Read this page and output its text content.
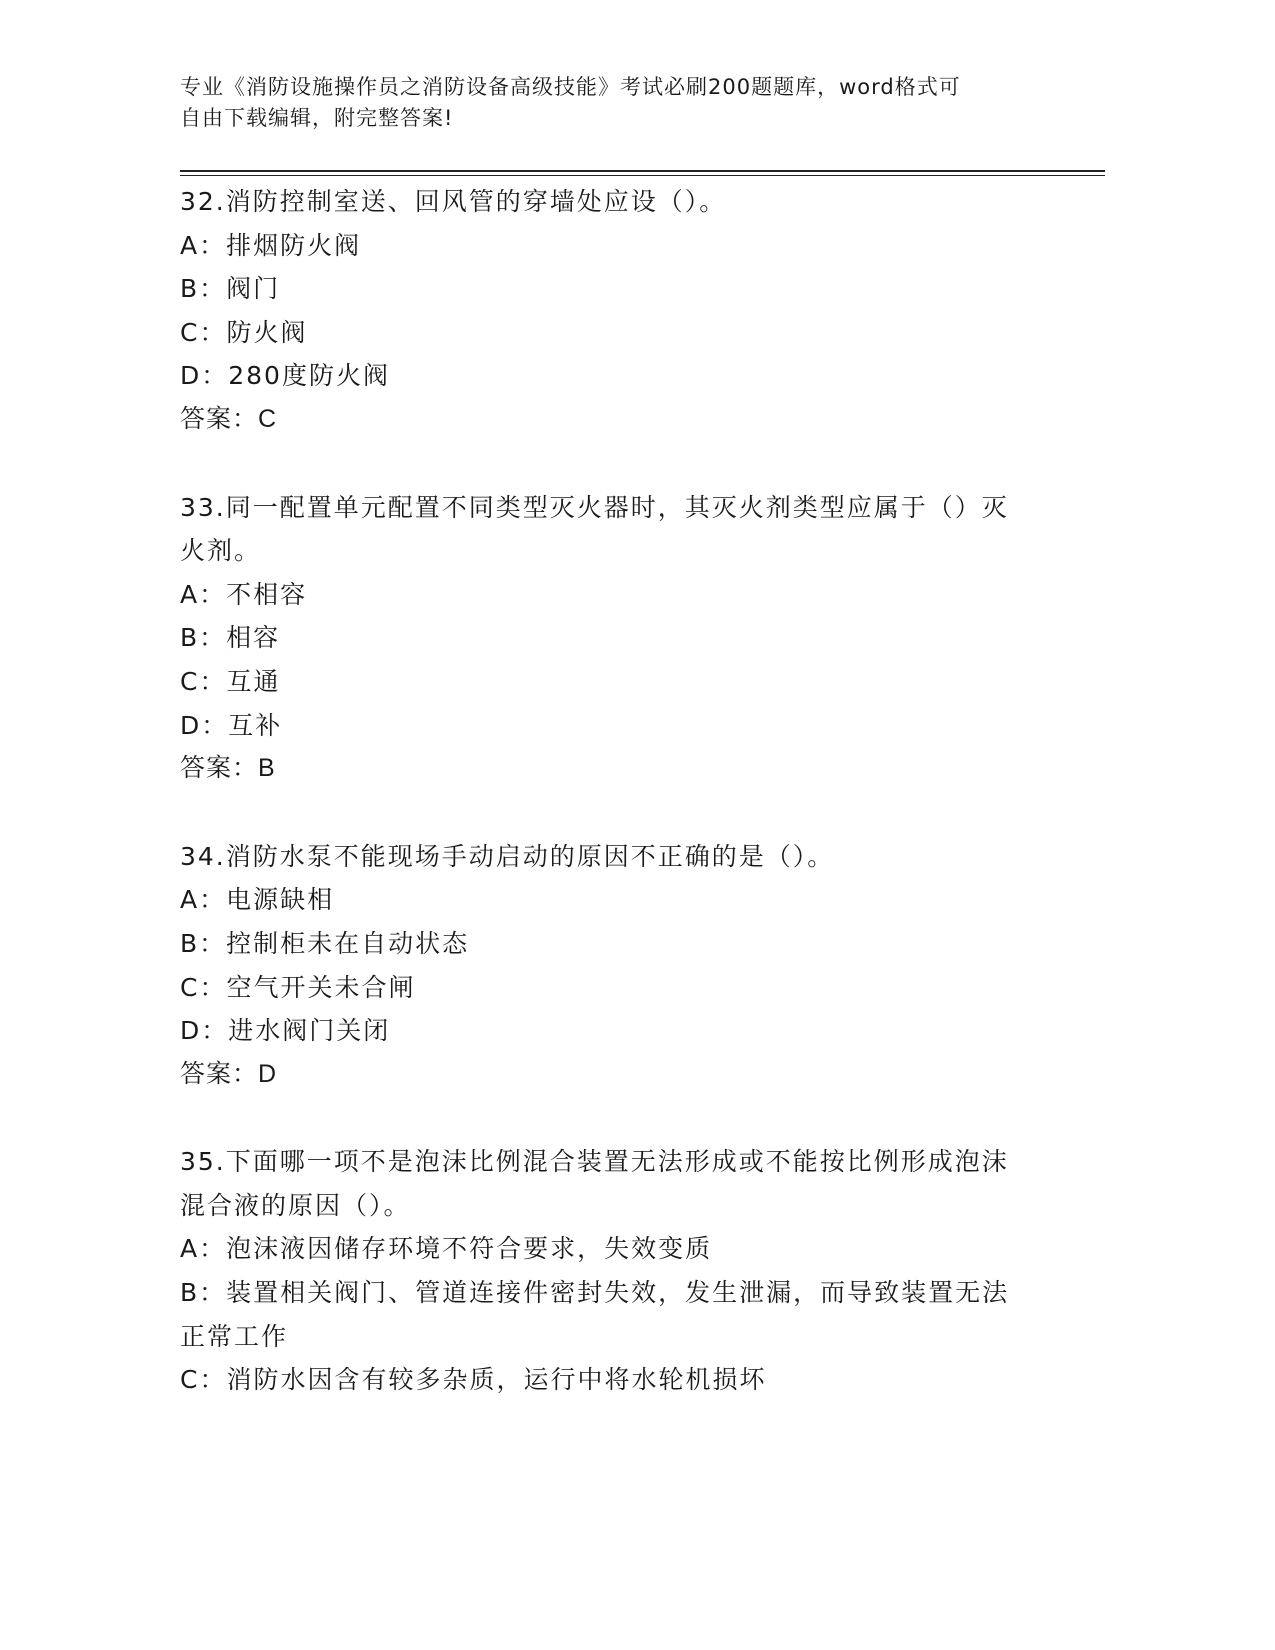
专业《消防设施操作员之消防设备高级技能》考试必刷200题题库，word格式可

自由下载编辑，附完整答案!

32.消防控制室送、回风管的穿墙处应设（）。

A：排烟防火阀

B：阀门

C：防火阀

D：280度防火阀

答案：C

33.同一配置单元配置不同类型灭火器时，其灭火剂类型应属于（）灭

火剂。

A：不相容

B：相容

C：互通

D：互补

答案：B

34.消防水泵不能现场手动启动的原因不正确的是（）。

A：电源缺相

B：控制柜未在自动状态

C：空气开关未合闸

D：进水阀门关闭

答案：D

35.下面哪一项不是泡沫比例混合装置无法形成或不能按比例形成泡沫

混合液的原因（）。

A：泡沫液因储存环境不符合要求，失效变质

B：装置相关阀门、管道连接件密封失效，发生泄漏，而导致装置无法

正常工作

C：消防水因含有较多杂质，运行中将水轮机损坏
